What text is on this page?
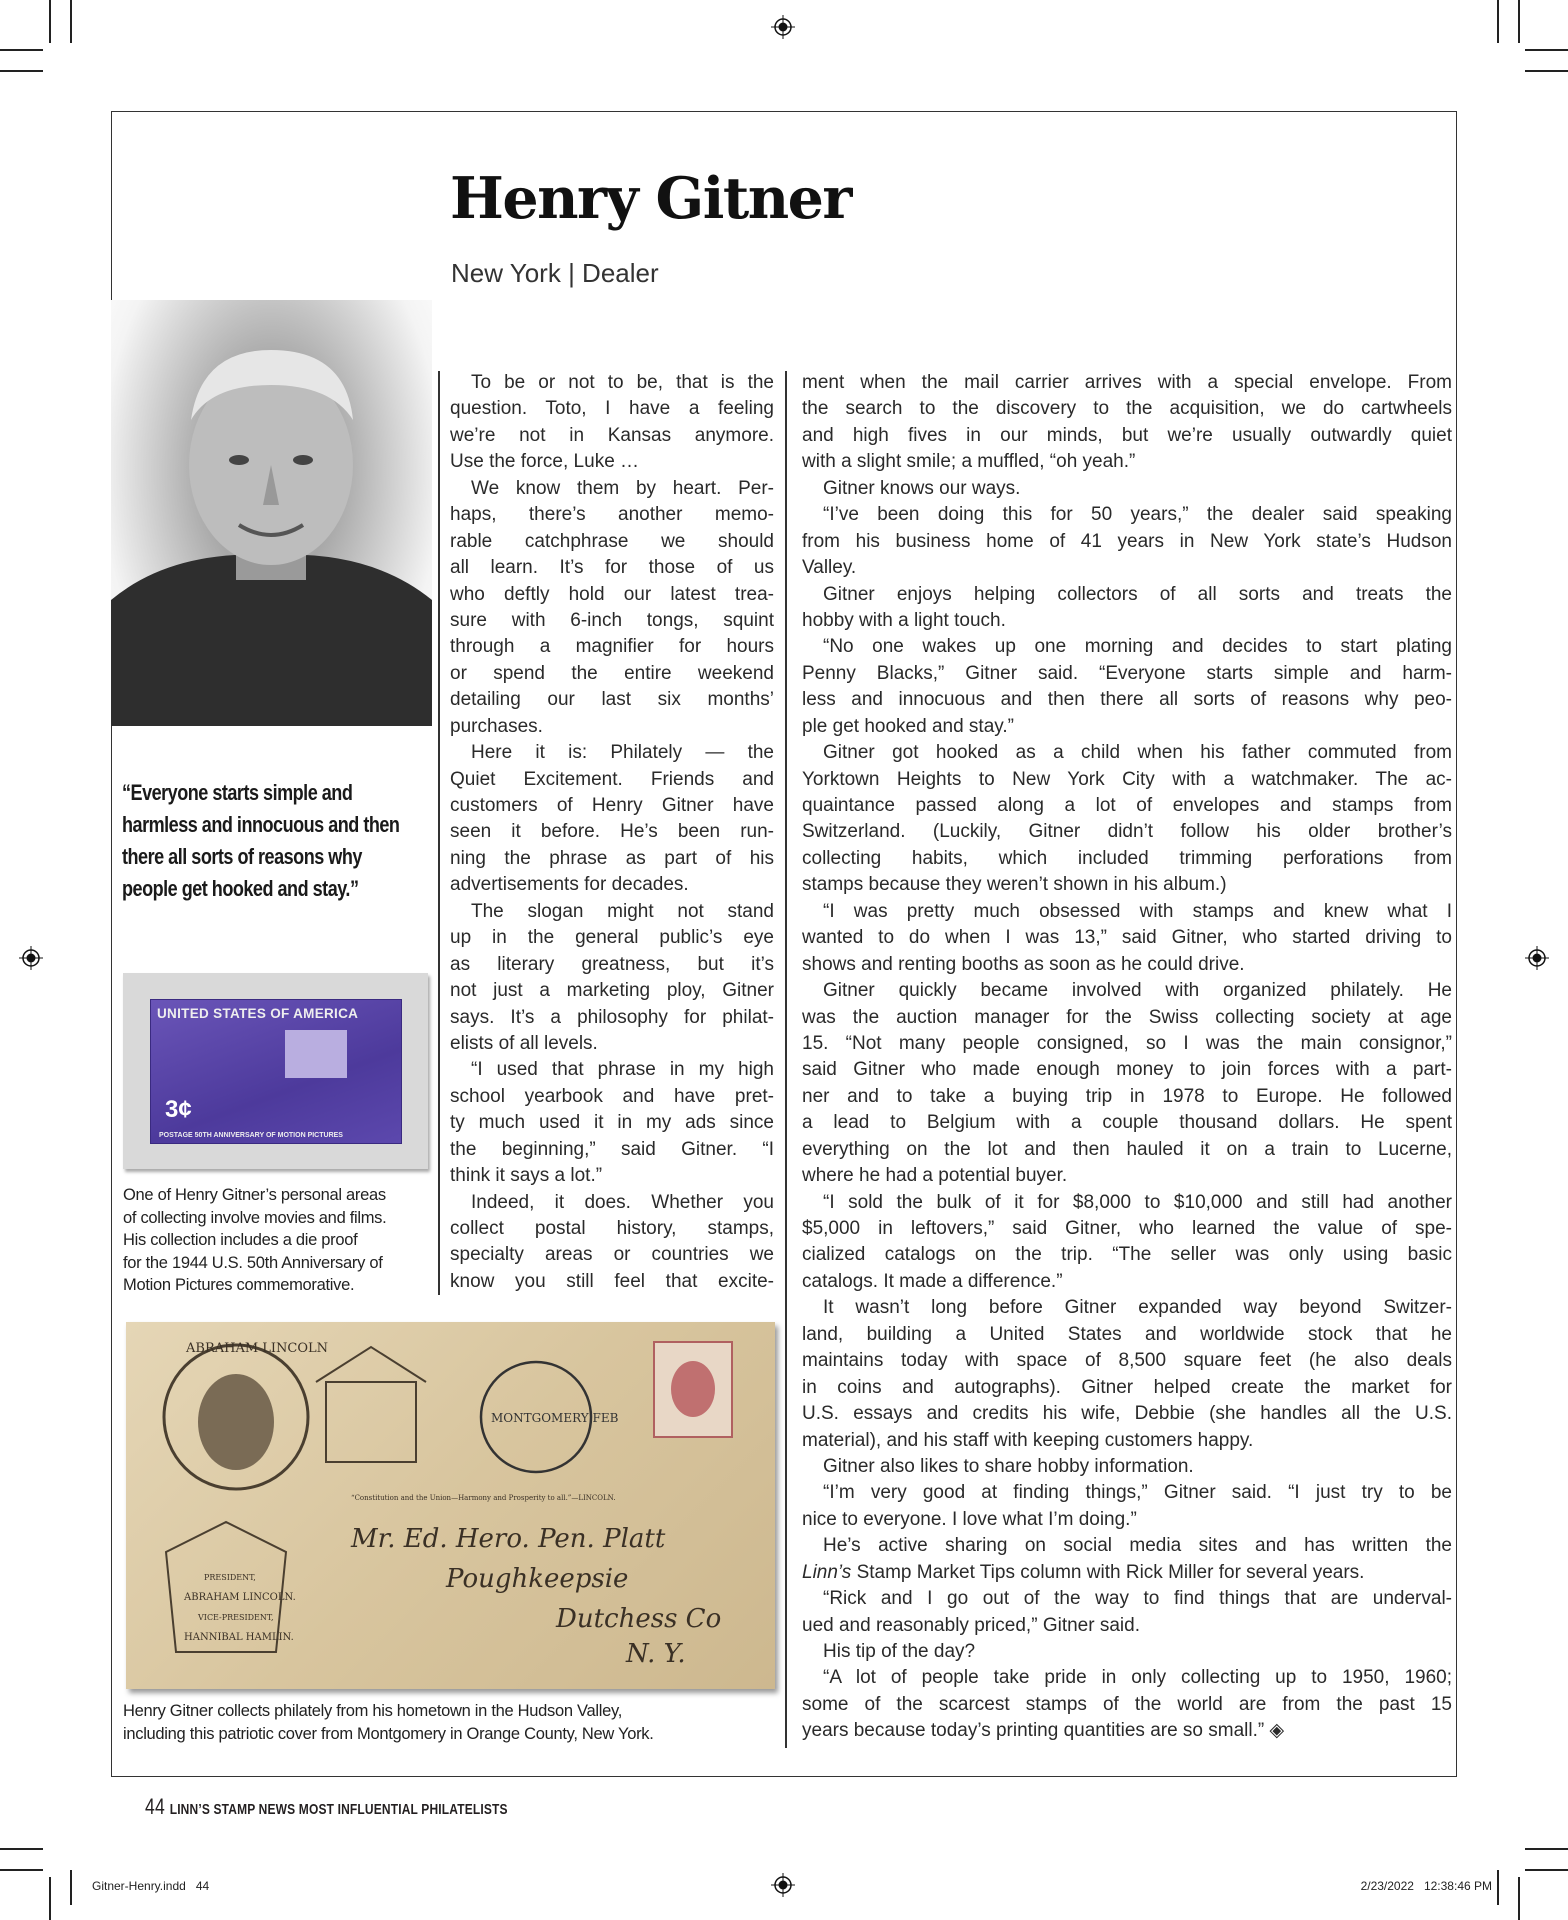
Henry Gitner
New York | Dealer
“Everyone starts simple and
harmless and innocuous and then
there all sorts of reasons why
people get hooked and stay.”
UNITED STATES OF AMERICA
3¢
POSTAGE 50TH ANNIVERSARY OF MOTION PICTURES
One of Henry Gitner’s personal areas
of collecting involve movies and films.
His collection includes a die proof
for the 1944 U.S. 50th Anniversary of
Motion Pictures commemorative.
To be or not to be, that is the
question. Toto, I have a feeling
we’re not in Kansas anymore.
Use the force, Luke …
We know them by heart. Per-
haps, there’s another memo-
rable catchphrase we should
all learn. It’s for those of us
who deftly hold our latest trea-
sure with 6-inch tongs, squint
through a magnifier for hours
or spend the entire weekend
detailing our last six months’
purchases.
Here it is: Philately — the
Quiet Excitement. Friends and
customers of Henry Gitner have
seen it before. He’s been run-
ning the phrase as part of his
advertisements for decades.
The slogan might not stand
up in the general public’s eye
as literary greatness, but it’s
not just a marketing ploy, Gitner
says. It’s a philosophy for philat-
elists of all levels.
“I used that phrase in my high
school yearbook and have pret-
ty much used it in my ads since
the beginning,” said Gitner. “I
think it says a lot.”
Indeed, it does. Whether you
collect postal history, stamps,
specialty areas or countries we
know you still feel that excite-
ment when the mail carrier arrives with a special envelope. From
the search to the discovery to the acquisition, we do cartwheels
and high fives in our minds, but we’re usually outwardly quiet
with a slight smile; a muffled, “oh yeah.”
Gitner knows our ways.
“I’ve been doing this for 50 years,” the dealer said speaking
from his business home of 41 years in New York state’s Hudson
Valley.
Gitner enjoys helping collectors of all sorts and treats the
hobby with a light touch.
“No one wakes up one morning and decides to start plating
Penny Blacks,” Gitner said. “Everyone starts simple and harm-
less and innocuous and then there all sorts of reasons why peo-
ple get hooked and stay.”
Gitner got hooked as a child when his father commuted from
Yorktown Heights to New York City with a watchmaker. The ac-
quaintance passed along a lot of envelopes and stamps from
Switzerland. (Luckily, Gitner didn’t follow his older brother’s
collecting habits, which included trimming perforations from
stamps because they weren’t shown in his album.)
“I was pretty much obsessed with stamps and knew what I
wanted to do when I was 13,” said Gitner, who started driving to
shows and renting booths as soon as he could drive.
Gitner quickly became involved with organized philately. He
was the auction manager for the Swiss collecting society at age
15. “Not many people consigned, so I was the main consignor,”
said Gitner who made enough money to join forces with a part-
ner and to take a buying trip in 1978 to Europe. He followed
a lead to Belgium with a couple thousand dollars. He spent
everything on the lot and then hauled it on a train to Lucerne,
where he had a potential buyer.
“I sold the bulk of it for $8,000 to $10,000 and still had another
$5,000 in leftovers,” said Gitner, who learned the value of spe-
cialized catalogs on the trip. “The seller was only using basic
catalogs. It made a difference.”
It wasn’t long before Gitner expanded way beyond Switzer-
land, building a United States and worldwide stock that he
maintains today with space of 8,500 square feet (he also deals
in coins and autographs). Gitner helped create the market for
U.S. essays and credits his wife, Debbie (she handles all the U.S.
material), and his staff with keeping customers happy.
Gitner also likes to share hobby information.
“I’m very good at finding things,” Gitner said. “I just try to be
nice to everyone. I love what I’m doing.”
He’s active sharing on social media sites and has written the
Linn’s Stamp Market Tips column with Rick Miller for several years.
“Rick and I go out of the way to find things that are underval-
ued and reasonably priced,” Gitner said.
His tip of the day?
“A lot of people take pride in only collecting up to 1950, 1960;
some of the scarcest stamps of the world are from the past 15
years because today’s printing quantities are so small.” ◈
ABRAHAM LINCOLN
PRESIDENT,
ABRAHAM LINCOLN.
VICE-PRESIDENT,
HANNIBAL HAMLIN.
“Constitution and the Union—Harmony and Prosperity to all.”—LINCOLN.
MONTGOMERY FEB
Mr. Ed. Hero. Pen. Platt
Poughkeepsie
Dutchess Co
N. Y.
Henry Gitner collects philately from his hometown in the Hudson Valley,
including this patriotic cover from Montgomery in Orange County, New York.
44 LINN’S STAMP NEWS MOST INFLUENTIAL PHILATELISTS
Gitner-Henry.indd   44	2/23/2022   12:38:46 PM
